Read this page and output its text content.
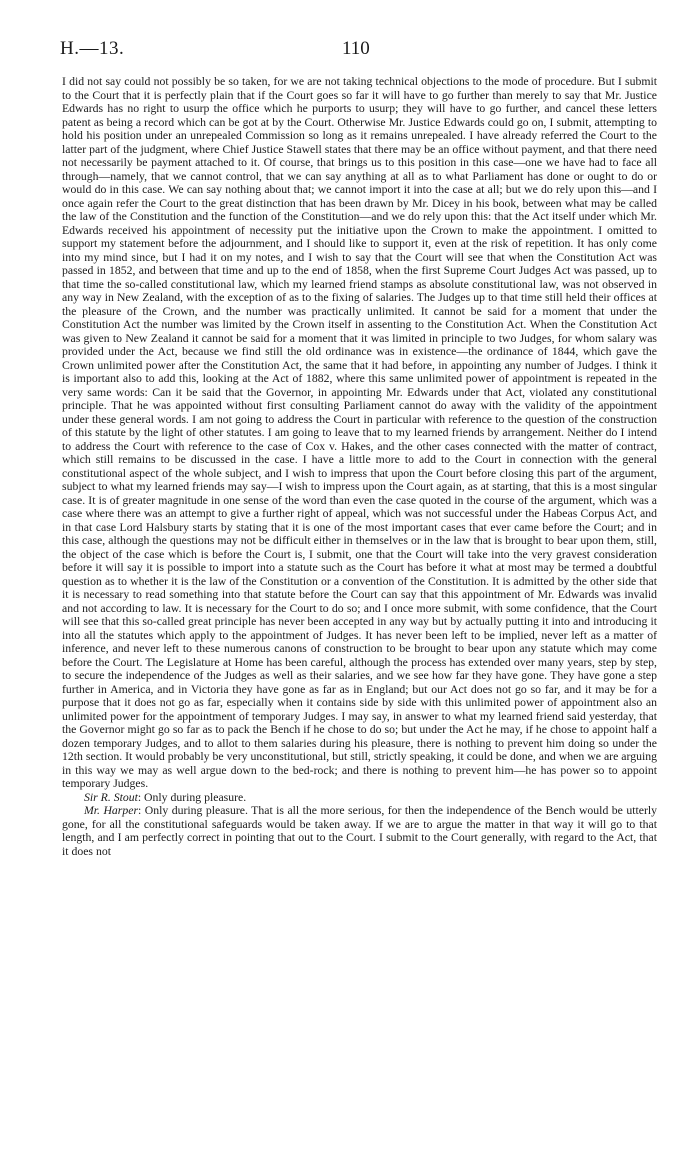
H.—13.	110

I did not say could not possibly be so taken, for we are not taking technical objections to the mode of procedure. But I submit to the Court that it is perfectly plain that if the Court goes so far it will have to go further than merely to say that Mr. Justice Edwards has no right to usurp the office which he purports to usurp; they will have to go further, and cancel these letters patent as being a record which can be got at by the Court. Otherwise Mr. Justice Edwards could go on, I submit, attempting to hold his position under an unrepealed Commission so long as it remains unrepealed. I have already referred the Court to the latter part of the judgment, where Chief Justice Stawell states that there may be an office without payment, and that there need not necessarily be payment attached to it. Of course, that brings us to this position in this case—one we have had to face all through—namely, that we cannot control, that we can say anything at all as to what Parliament has done or ought to do or would do in this case. We can say nothing about that; we cannot import it into the case at all; but we do rely upon this—and I once again refer the Court to the great distinction that has been drawn by Mr. Dicey in his book, between what may be called the law of the Constitution and the function of the Constitution—and we do rely upon this: that the Act itself under which Mr. Edwards received his appointment of necessity put the initiative upon the Crown to make the appointment. I omitted to support my statement before the adjournment, and I should like to support it, even at the risk of repetition. It has only come into my mind since, but I had it on my notes, and I wish to say that the Court will see that when the Constitution Act was passed in 1852, and between that time and up to the end of 1858, when the first Supreme Court Judges Act was passed, up to that time the so-called constitutional law, which my learned friend stamps as absolute constitutional law, was not observed in any way in New Zealand, with the exception of as to the fixing of salaries. The Judges up to that time still held their offices at the pleasure of the Crown, and the number was practically unlimited. It cannot be said for a moment that under the Constitution Act the number was limited by the Crown itself in assenting to the Constitution Act. When the Constitution Act was given to New Zealand it cannot be said for a moment that it was limited in principle to two Judges, for whom salary was provided under the Act, because we find still the old ordinance was in existence—the ordinance of 1844, which gave the Crown unlimited power after the Constitution Act, the same that it had before, in appointing any number of Judges. I think it is important also to add this, looking at the Act of 1882, where this same unlimited power of appointment is repeated in the very same words: Can it be said that the Governor, in appointing Mr. Edwards under that Act, violated any constitutional principle. That he was appointed without first consulting Parliament cannot do away with the validity of the appointment under these general words. I am not going to address the Court in particular with reference to the question of the construction of this statute by the light of other statutes. I am going to leave that to my learned friends by arrangement. Neither do I intend to address the Court with reference to the case of Cox v. Hakes, and the other cases connected with the matter of contract, which still remains to be discussed in the case. I have a little more to add to the Court in connection with the general constitutional aspect of the whole subject, and I wish to impress that upon the Court before closing this part of the argument, subject to what my learned friends may say—I wish to impress upon the Court again, as at starting, that this is a most singular case. It is of greater magnitude in one sense of the word than even the case quoted in the course of the argument, which was a case where there was an attempt to give a further right of appeal, which was not successful under the Habeas Corpus Act, and in that case Lord Halsbury starts by stating that it is one of the most important cases that ever came before the Court; and in this case, although the questions may not be difficult either in themselves or in the law that is brought to bear upon them, still, the object of the case which is before the Court is, I submit, one that the Court will take into the very gravest consideration before it will say it is possible to import into a statute such as the Court has before it what at most may be termed a doubtful question as to whether it is the law of the Constitution or a convention of the Constitution. It is admitted by the other side that it is necessary to read something into that statute before the Court can say that this appointment of Mr. Edwards was invalid and not according to law. It is necessary for the Court to do so; and I once more submit, with some confidence, that the Court will see that this so-called great principle has never been accepted in any way but by actually putting it into and introducing it into all the statutes which apply to the appointment of Judges. It has never been left to be implied, never left as a matter of inference, and never left to these numerous canons of construction to be brought to bear upon any statute which may come before the Court. The Legislature at Home has been careful, although the process has extended over many years, step by step, to secure the independence of the Judges as well as their salaries, and we see how far they have gone. They have gone a step further in America, and in Victoria they have gone as far as in England; but our Act does not go so far, and it may be for a purpose that it does not go as far, especially when it contains side by side with this unlimited power of appointment also an unlimited power for the appointment of temporary Judges. I may say, in answer to what my learned friend said yesterday, that the Governor might go so far as to pack the Bench if he chose to do so; but under the Act he may, if he chose to appoint half a dozen temporary Judges, and to allot to them salaries during his pleasure, there is nothing to prevent him doing so under the 12th section. It would probably be very unconstitutional, but still, strictly speaking, it could be done, and when we are arguing in this way we may as well argue down to the bed-rock; and there is nothing to prevent him—he has power so to appoint temporary Judges.

Sir R. Stout: Only during pleasure.

Mr. Harper: Only during pleasure. That is all the more serious, for then the independence of the Bench would be utterly gone, for all the constitutional safeguards would be taken away. If we are to argue the matter in that way it will go to that length, and I am perfectly correct in pointing that out to the Court. I submit to the Court generally, with regard to the Act, that it does not
